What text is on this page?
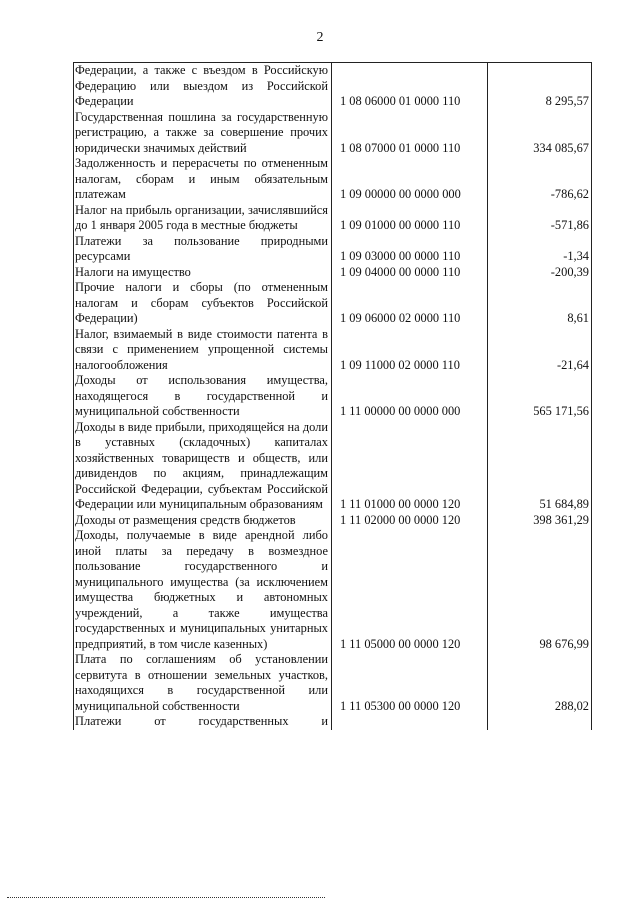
2

Федерации, а также с въездом в Российскую Федерацию или выездом из Российской Федерации	1 08 06000 01 0000 110	8 295,57
Государственная пошлина за государственную регистрацию, а также за совершение прочих юридически значимых действий	1 08 07000 01 0000 110	334 085,67
Задолженность и перерасчеты по отмененным налогам, сборам и иным обязательным платежам	1 09 00000 00 0000 000	-786,62
Налог на прибыль организации, зачислявшийся до 1 января 2005 года в местные бюджеты	1 09 01000 00 0000 110	-571,86
Платежи за пользование природными ресурсами	1 09 03000 00 0000 110	-1,34
Налоги на имущество	1 09 04000 00 0000 110	-200,39
Прочие налоги и сборы (по отмененным налогам и сборам субъектов Российской Федерации)	1 09 06000 02 0000 110	8,61
Налог, взимаемый в виде стоимости патента в связи с применением упрощенной системы налогообложения	1 09 11000 02 0000 110	-21,64
Доходы от использования имущества, находящегося в государственной и муниципальной собственности	1 11 00000 00 0000 000	565 171,56
Доходы в виде прибыли, приходящейся на доли в уставных (складочных) капиталах хозяйственных товариществ и обществ, или дивидендов по акциям, принадлежащим Российской Федерации, субъектам Российской Федерации или муниципальным образованиям	1 11 01000 00 0000 120	51 684,89
Доходы от размещения средств бюджетов	1 11 02000 00 0000 120	398 361,29
Доходы, получаемые в виде арендной либо иной платы за передачу в возмездное пользование государственного и муниципального имущества (за исключением имущества бюджетных и автономных учреждений, а также имущества государственных и муниципальных унитарных предприятий, в том числе казенных)	1 11 05000 00 0000 120	98 676,99
Плата по соглашениям об установлении сервитута в отношении земельных участков, находящихся в государственной или муниципальной собственности	1 11 05300 00 0000 120	288,02
Платежи от государственных и		
